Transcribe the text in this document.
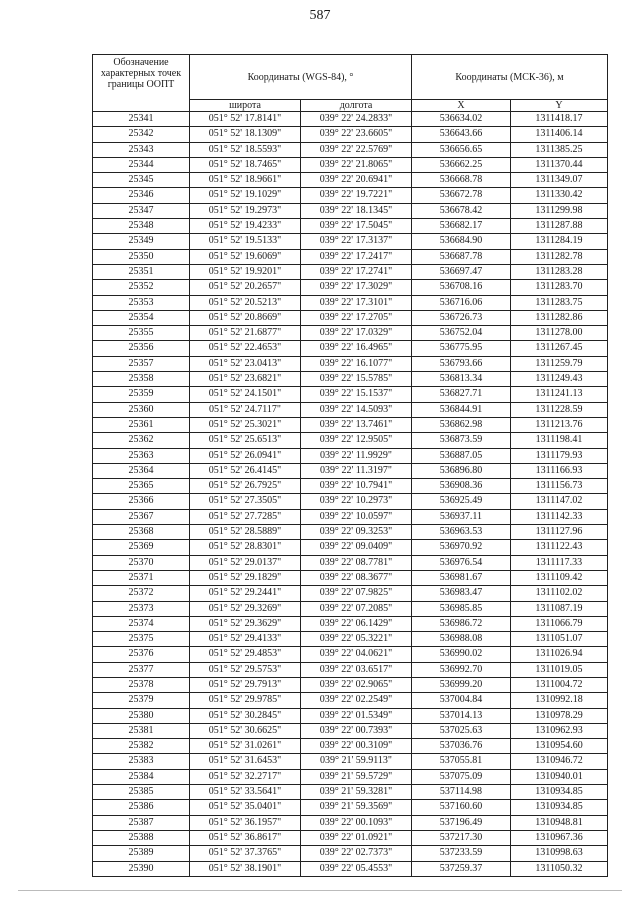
587
Обозначение характерных точек границы ООПТ	Координаты (WGS-84), °		Координаты (МСК-36), м	
	широта	долгота	X	Y
25341	051° 52' 17.8141"	039° 22' 24.2833"	536634.02	1311418.17
25342	051° 52' 18.1309"	039° 22' 23.6605"	536643.66	1311406.14
25343	051° 52' 18.5593"	039° 22' 22.5769"	536656.65	1311385.25
25344	051° 52' 18.7465"	039° 22' 21.8065"	536662.25	1311370.44
25345	051° 52' 18.9661"	039° 22' 20.6941"	536668.78	1311349.07
25346	051° 52' 19.1029"	039° 22' 19.7221"	536672.78	1311330.42
25347	051° 52' 19.2973"	039° 22' 18.1345"	536678.42	1311299.98
25348	051° 52' 19.4233"	039° 22' 17.5045"	536682.17	1311287.88
25349	051° 52' 19.5133"	039° 22' 17.3137"	536684.90	1311284.19
25350	051° 52' 19.6069"	039° 22' 17.2417"	536687.78	1311282.78
25351	051° 52' 19.9201"	039° 22' 17.2741"	536697.47	1311283.28
25352	051° 52' 20.2657"	039° 22' 17.3029"	536708.16	1311283.70
25353	051° 52' 20.5213"	039° 22' 17.3101"	536716.06	1311283.75
25354	051° 52' 20.8669"	039° 22' 17.2705"	536726.73	1311282.86
25355	051° 52' 21.6877"	039° 22' 17.0329"	536752.04	1311278.00
25356	051° 52' 22.4653"	039° 22' 16.4965"	536775.95	1311267.45
25357	051° 52' 23.0413"	039° 22' 16.1077"	536793.66	1311259.79
25358	051° 52' 23.6821"	039° 22' 15.5785"	536813.34	1311249.43
25359	051° 52' 24.1501"	039° 22' 15.1537"	536827.71	1311241.13
25360	051° 52' 24.7117"	039° 22' 14.5093"	536844.91	1311228.59
25361	051° 52' 25.3021"	039° 22' 13.7461"	536862.98	1311213.76
25362	051° 52' 25.6513"	039° 22' 12.9505"	536873.59	1311198.41
25363	051° 52' 26.0941"	039° 22' 11.9929"	536887.05	1311179.93
25364	051° 52' 26.4145"	039° 22' 11.3197"	536896.80	1311166.93
25365	051° 52' 26.7925"	039° 22' 10.7941"	536908.36	1311156.73
25366	051° 52' 27.3505"	039° 22' 10.2973"	536925.49	1311147.02
25367	051° 52' 27.7285"	039° 22' 10.0597"	536937.11	1311142.33
25368	051° 52' 28.5889"	039° 22' 09.3253"	536963.53	1311127.96
25369	051° 52' 28.8301"	039° 22' 09.0409"	536970.92	1311122.43
25370	051° 52' 29.0137"	039° 22' 08.7781"	536976.54	1311117.33
25371	051° 52' 29.1829"	039° 22' 08.3677"	536981.67	1311109.42
25372	051° 52' 29.2441"	039° 22' 07.9825"	536983.47	1311102.02
25373	051° 52' 29.3269"	039° 22' 07.2085"	536985.85	1311087.19
25374	051° 52' 29.3629"	039° 22' 06.1429"	536986.72	1311066.79
25375	051° 52' 29.4133"	039° 22' 05.3221"	536988.08	1311051.07
25376	051° 52' 29.4853"	039° 22' 04.0621"	536990.02	1311026.94
25377	051° 52' 29.5753"	039° 22' 03.6517"	536992.70	1311019.05
25378	051° 52' 29.7913"	039° 22' 02.9065"	536999.20	1311004.72
25379	051° 52' 29.9785"	039° 22' 02.2549"	537004.84	1310992.18
25380	051° 52' 30.2845"	039° 22' 01.5349"	537014.13	1310978.29
25381	051° 52' 30.6625"	039° 22' 00.7393"	537025.63	1310962.93
25382	051° 52' 31.0261"	039° 22' 00.3109"	537036.76	1310954.60
25383	051° 52' 31.6453"	039° 21' 59.9113"	537055.81	1310946.72
25384	051° 52' 32.2717"	039° 21' 59.5729"	537075.09	1310940.01
25385	051° 52' 33.5641"	039° 21' 59.3281"	537114.98	1310934.85
25386	051° 52' 35.0401"	039° 21' 59.3569"	537160.60	1310934.85
25387	051° 52' 36.1957"	039° 22' 00.1093"	537196.49	1310948.81
25388	051° 52' 36.8617"	039° 22' 01.0921"	537217.30	1310967.36
25389	051° 52' 37.3765"	039° 22' 02.7373"	537233.59	1310998.63
25390	051° 52' 38.1901"	039° 22' 05.4553"	537259.37	1311050.32
